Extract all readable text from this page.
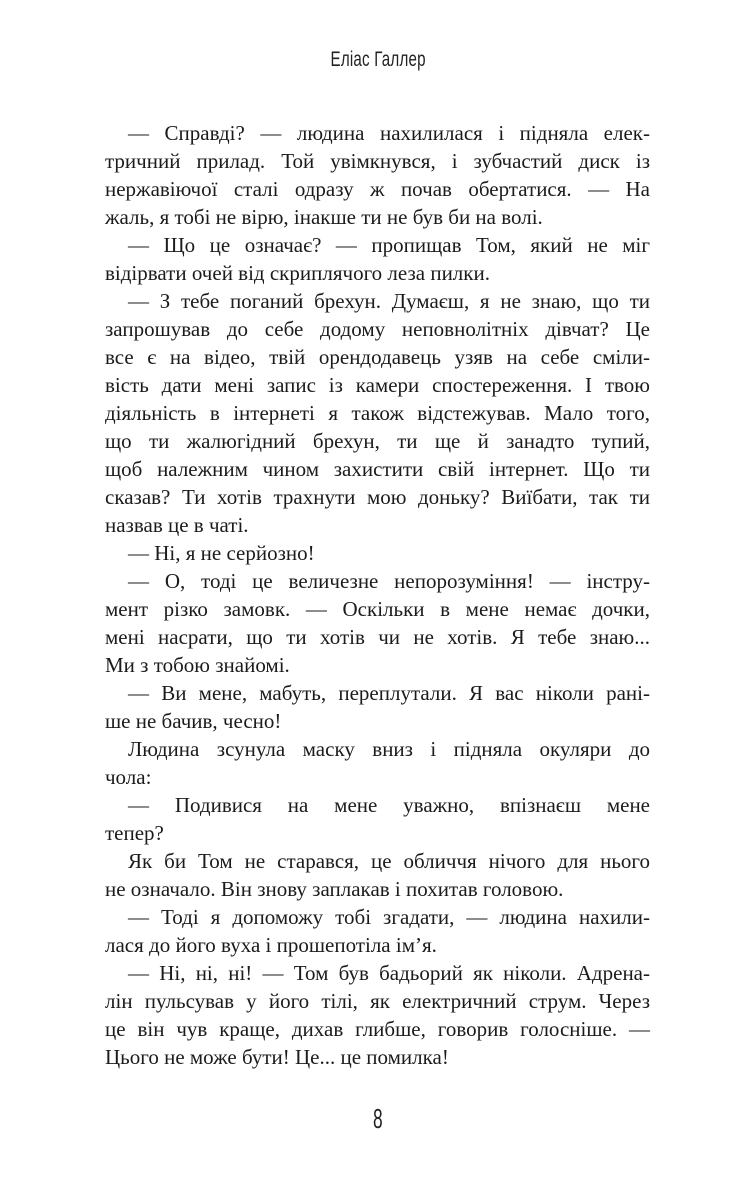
Еліас Галлер
— Справді? — людина нахилилася і підняла елек-
тричний прилад. Той увімкнувся, і зубчастий диск із
нержавіючої сталі одразу ж почав обертатися. — На
жаль, я тобі не вірю, інакше ти не був би на волі.
— Що це означає? — пропищав Том, який не міг
відірвати очей від скриплячого леза пилки.
— З тебе поганий брехун. Думаєш, я не знаю, що ти
запрошував до себе додому неповнолітніх дівчат? Це
все є на відео, твій орендодавець узяв на себе сміли-
вість дати мені запис із камери спостереження. І твою
діяльність в інтернеті я також відстежував. Мало того,
що ти жалюгідний брехун, ти ще й занадто тупий,
щоб належним чином захистити свій інтернет. Що ти
сказав? Ти хотів трахнути мою доньку? Виїбати, так ти
назвав це в чаті.
— Ні, я не серйозно!
— О, тоді це величезне непорозуміння! — інстру-
мент різко замовк. — Оскільки в мене немає дочки,
мені насрати, що ти хотів чи не хотів. Я тебе знаю...
Ми з тобою знайомі.
— Ви мене, мабуть, переплутали. Я вас ніколи рані-
ше не бачив, чесно!
Людина зсунула маску вниз і підняла окуляри до
чола:
— Подивися на мене уважно, впізнаєш мене
тепер?
Як би Том не старався, це обличчя нічого для нього
не означало. Він знову заплакав і похитав головою.
— Тоді я допоможу тобі згадати, — людина нахили-
лася до його вуха і прошепотіла ім’я.
— Ні, ні, ні! — Том був бадьорий як ніколи. Адрена-
лін пульсував у його тілі, як електричний струм. Через
це він чув краще, дихав глибше, говорив голосніше. —
Цього не може бути! Це... це помилка!
8
